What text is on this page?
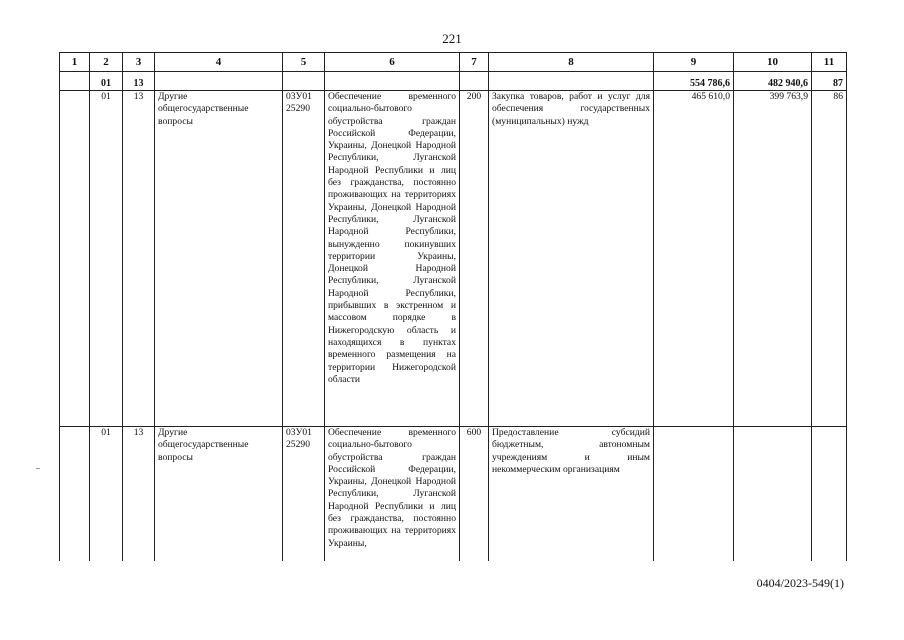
221
1	2	3	4	5	6	7	8	9	10	11
	01	13						554 786,6	482 940,6	87
	01	13	Другие общегосударственные вопросы	03У01 25290	Обеспечение временного социально-бытового обустройства граждан Российской Федерации, Украины, Донецкой Народной Республики, Луганской Народной Республики и лиц без гражданства, постоянно проживающих на территориях Украины, Донецкой Народной Республики, Луганской Народной Республики, вынужденно покинувших территории Украины, Донецкой Народной Республики, Луганской Народной Республики, прибывших в экстренном и массовом порядке в Нижегородскую область и находящихся в пунктах временного размещения на территории Нижегородской области	200	Закупка товаров, работ и услуг для обеспечения государственных (муниципальных) нужд	465 610,0	399 763,9	86
	01	13	Другие общегосударственные вопросы	03У01 25290	Обеспечение временного социально-бытового обустройства граждан Российской Федерации, Украины, Донецкой Народной Республики, Луганской Народной Республики и лиц без гражданства, постоянно проживающих на территориях Украины,	600	Предоставление субсидий бюджетным, автономным учреждениям и иным некоммерческим организациям			
0404/2023-549(1)
